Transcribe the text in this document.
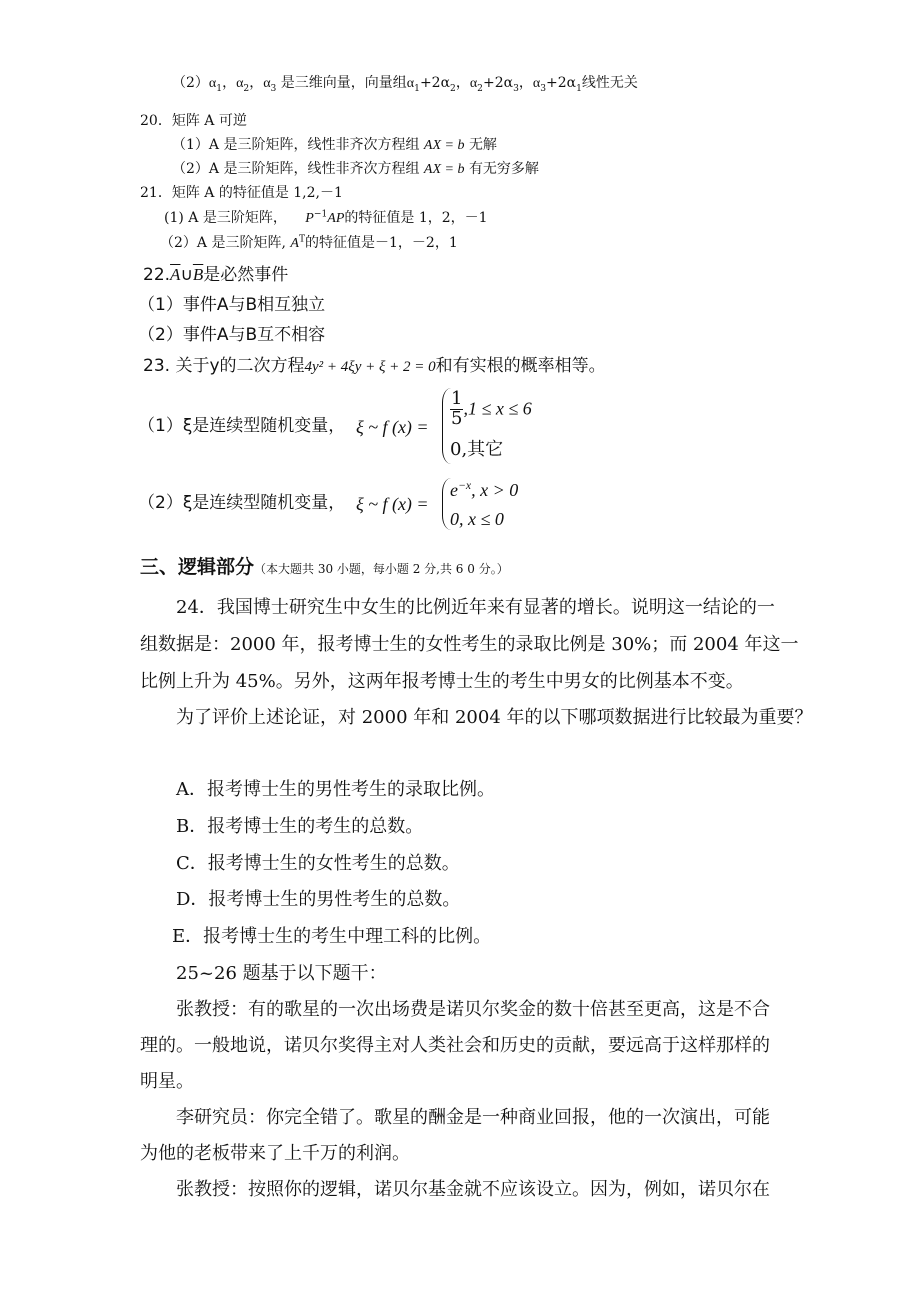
$(2)\alpha_1$，$\alpha_2$，$\alpha_3$ 是三维向量，向量组$\alpha_1+2\alpha_2$，$\alpha_2+2\alpha_3$，$\alpha_3+2\alpha_1$线性无关
20．矩阵 A 可逆
（1）A 是三阶矩阵，线性非齐次方程组 AX = b 无解
（2）A 是三阶矩阵，线性非齐次方程组 AX = b 有无穷多解
21．矩阵 A 的特征值是 1,2,－1
(1) A 是三阶矩阵， $P^{-1}AP$的特征值是 1，2，－1
（2）A 是三阶矩阵, $A^T$的特征值是－1，－2，1
$22.\overline{A}\cup\overline{B}$是必然事件
（1）事件A与B相互独立
（2）事件A与B互不相容
23. 关于y的二次方程4y² + 4ξy + ξ + 2 = 0和有实根的概率相等。
（1）ξ是连续型随机变量， ξ ~ f $(x) = \frac{1}{5} ,1 \le x \le 6$
0,其它
（2）ξ是连续型随机变量， ξ ~ f (x) =
$e^{-x}$, x > 0
0, x ≤ 0
三、逻辑部分（本大题共 30 小题，每小题 2 分,共 6 0 分。）
24．我国博士研究生中女生的比例近年来有显著的增长。说明这一结论的一
组数据是：2000 年，报考博士生的女性考生的录取比例是 30%；而 2004 年这一
比例上升为 45%。另外，这两年报考博士生的考生中男女的比例基本不变。
为了评价上述论证，对 2000 年和 2004 年的以下哪项数据进行比较最为重要？
A．报考博士生的男性考生的录取比例。
B．报考博士生的考生的总数。
C．报考博士生的女性考生的总数。
D．报考博士生的男性考生的总数。
E．报考博士生的考生中理工科的比例。
25~26 题基于以下题干：
张教授：有的歌星的一次出场费是诺贝尔奖金的数十倍甚至更高，这是不合
理的。一般地说，诺贝尔奖得主对人类社会和历史的贡献，要远高于这样那样的
明星。
李研究员：你完全错了。歌星的酬金是一种商业回报，他的一次演出，可能
为他的老板带来了上千万的利润。
张教授：按照你的逻辑，诺贝尔基金就不应该设立。因为，例如，诺贝尔在
